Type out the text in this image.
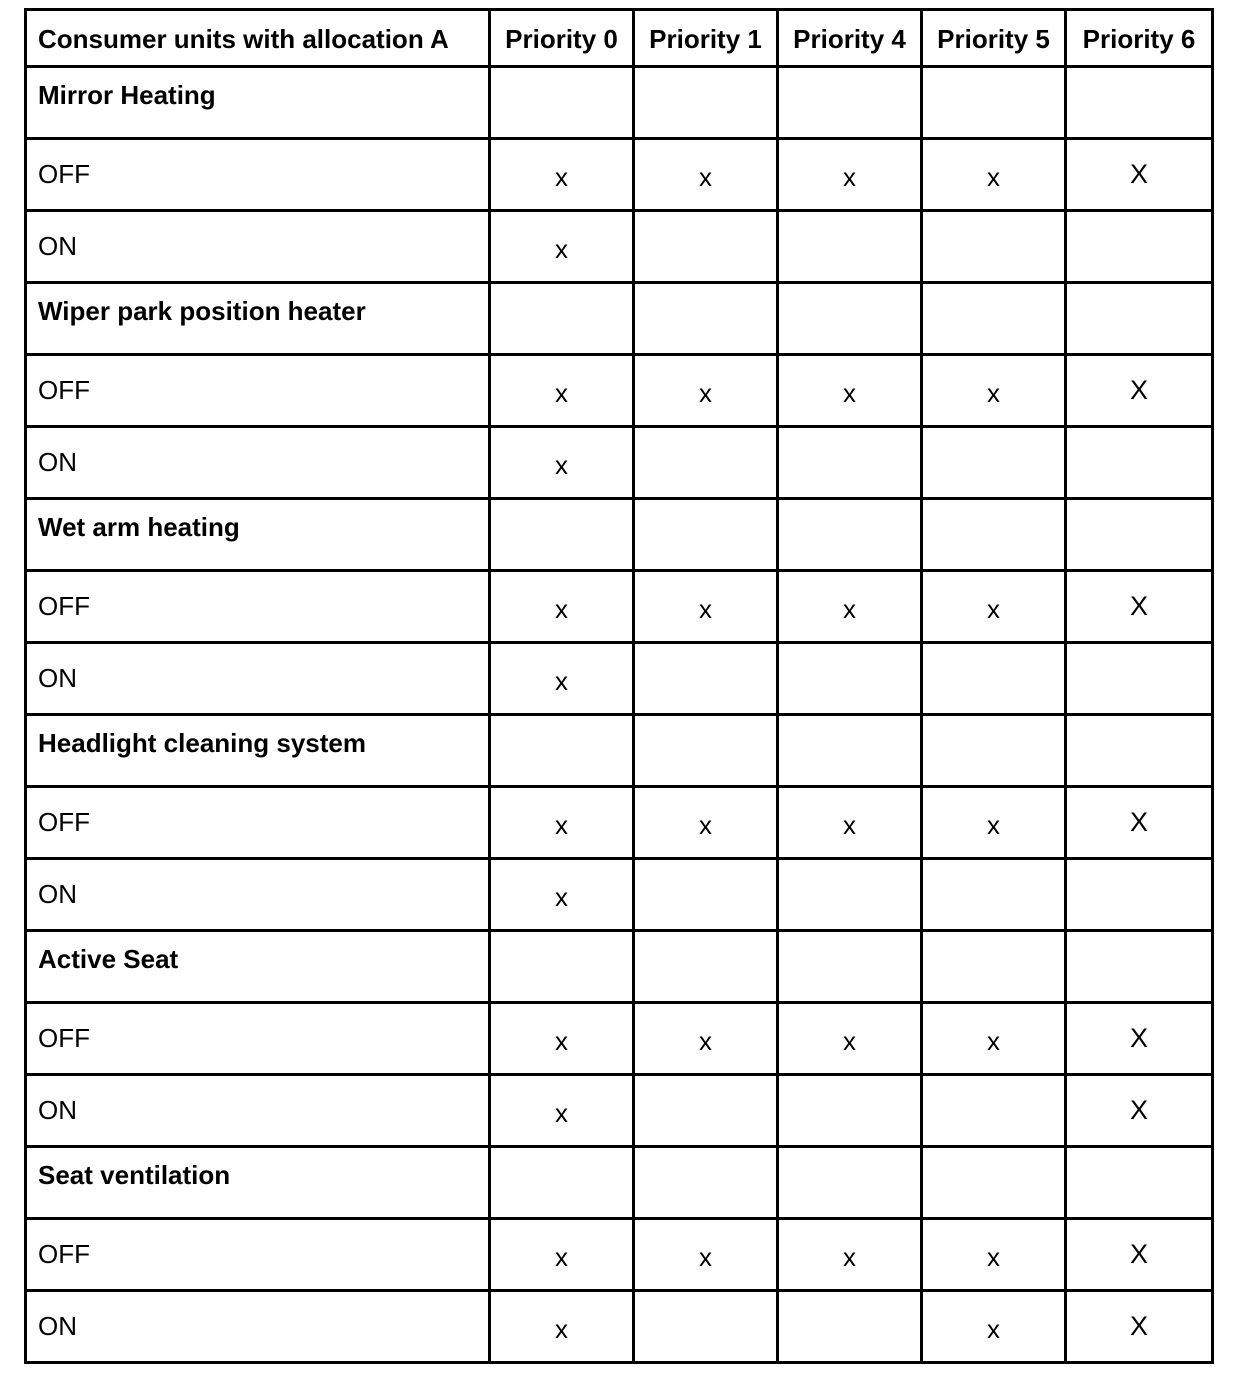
Consumer units with allocation A	Priority 0	Priority 1	Priority 4	Priority 5	Priority 6
Mirror Heating					
OFF	x	x	x	x	X
ON	x				
Wiper park position heater					
OFF	x	x	x	x	X
ON	x				
Wet arm heating					
OFF	x	x	x	x	X
ON	x				
Headlight cleaning system					
OFF	x	x	x	x	X
ON	x				
Active Seat					
OFF	x	x	x	x	X
ON	x				X
Seat ventilation					
OFF	x	x	x	x	X
ON	x			x	X
